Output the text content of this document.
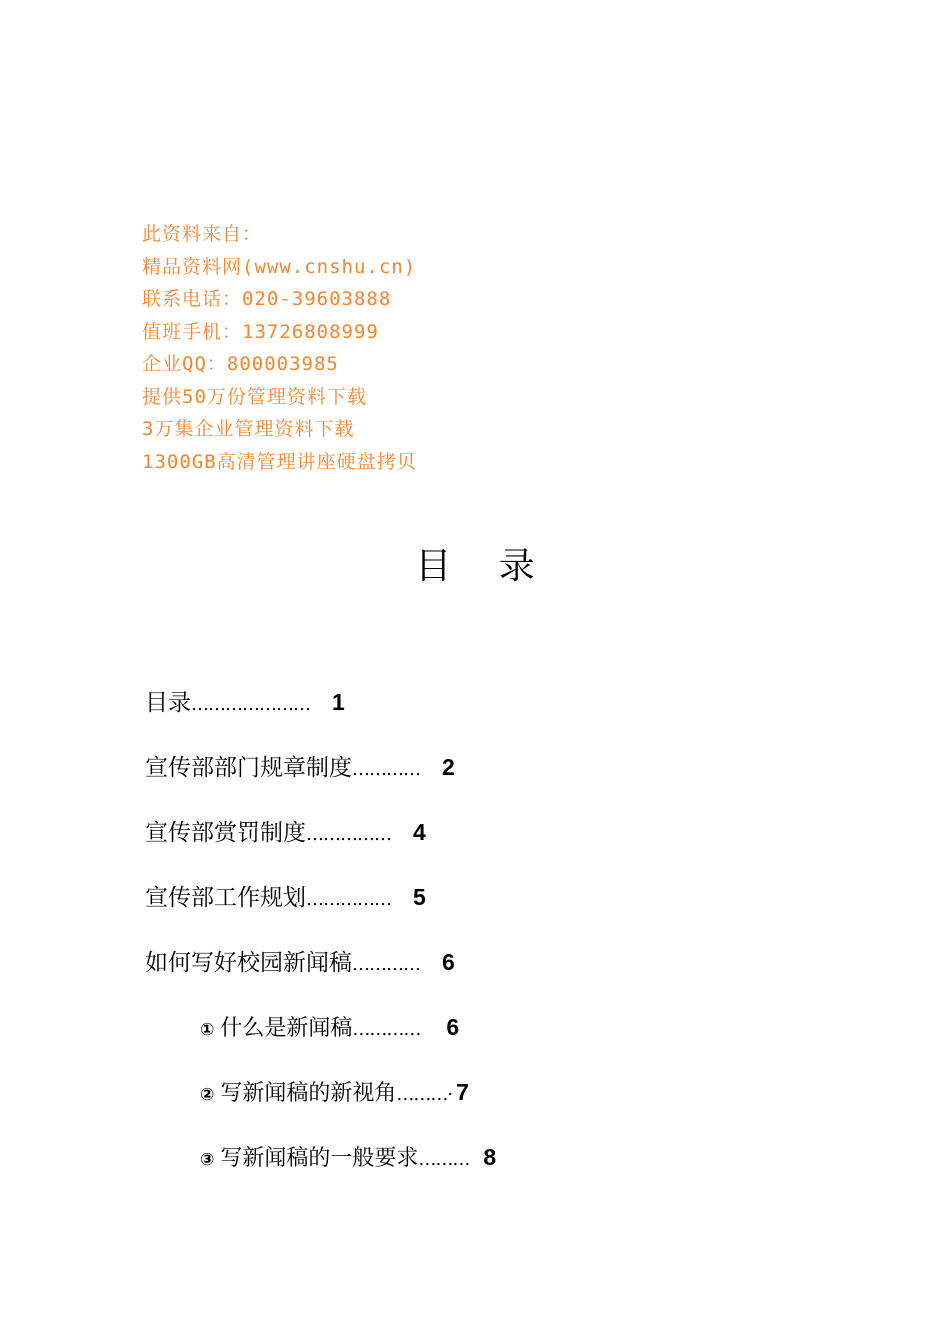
此资料来自：
精品资料网(www.cnshu.cn)
联系电话：020-39603888
值班手机：13726808999
企业QQ：800003985
提供50万份管理资料下载
3万集企业管理资料下载
1300GB高清管理讲座硬盘拷贝
目 录
目录………………… 1
宣传部部门规章制度………… 2
宣传部赏罚制度…………… 4
宣传部工作规划…………… 5
如何写好校园新闻稿………… 6
① 什么是新闻稿………… 6
② 写新闻稿的新视角………· 7
③ 写新闻稿的一般要求……… 8
